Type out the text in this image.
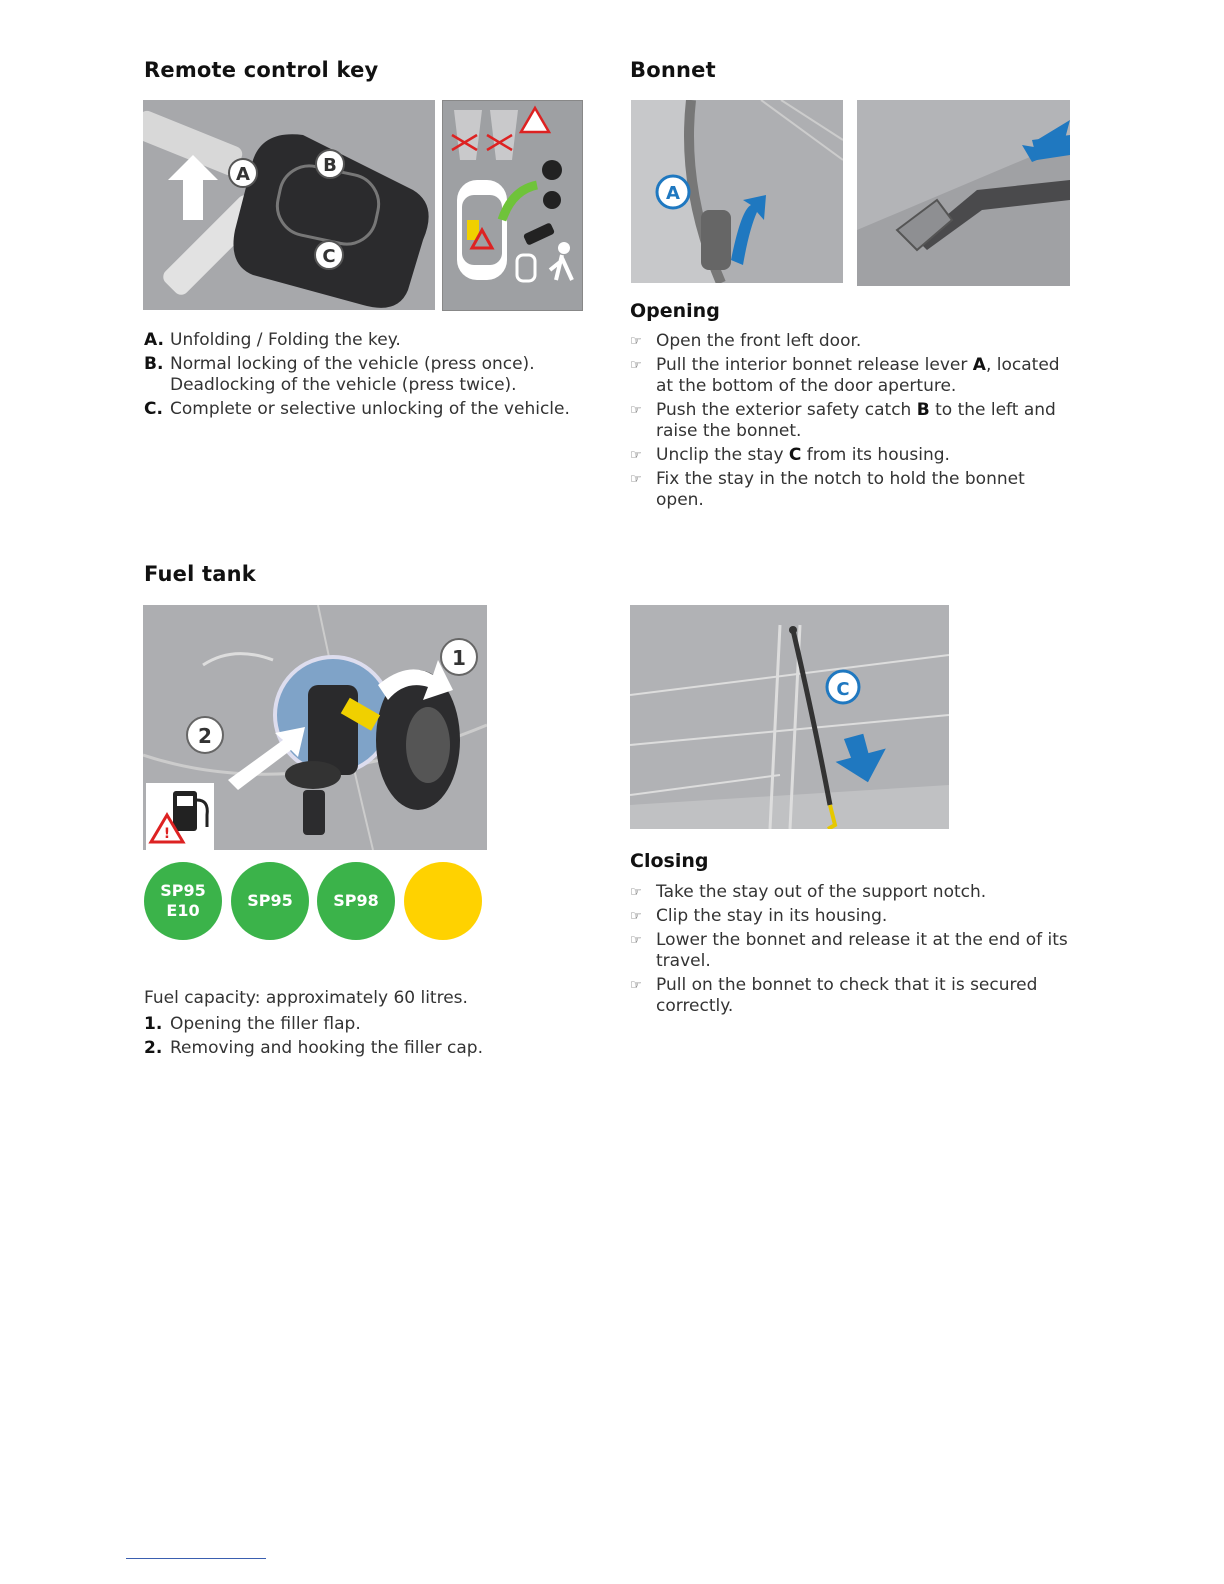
Remote control key
A	B
C
A. Unfolding / Folding the key.
B. Normal locking of the vehicle (press once). Deadlocking of the vehicle (press twice).
C. Complete or selective unlocking of the vehicle.
Bonnet
A
Opening
☞ Open the front left door.
☞ Pull the interior bonnet release lever A, located at the bottom of the door aperture.
☞ Push the exterior safety catch B to the left and raise the bonnet.
☞ Unclip the stay C from its housing.
☞ Fix the stay in the notch to hold the bonnet open.
Fuel tank
1
2
!
SP95
E10
SP95	SP98
Fuel capacity: approximately 60 litres.
1. Opening the filler flap.
2. Removing and hooking the filler cap.
C
Closing
☞ Take the stay out of the support notch.
☞ Clip the stay in its housing.
☞ Lower the bonnet and release it at the end of its travel.
☞ Pull on the bonnet to check that it is secured correctly.
